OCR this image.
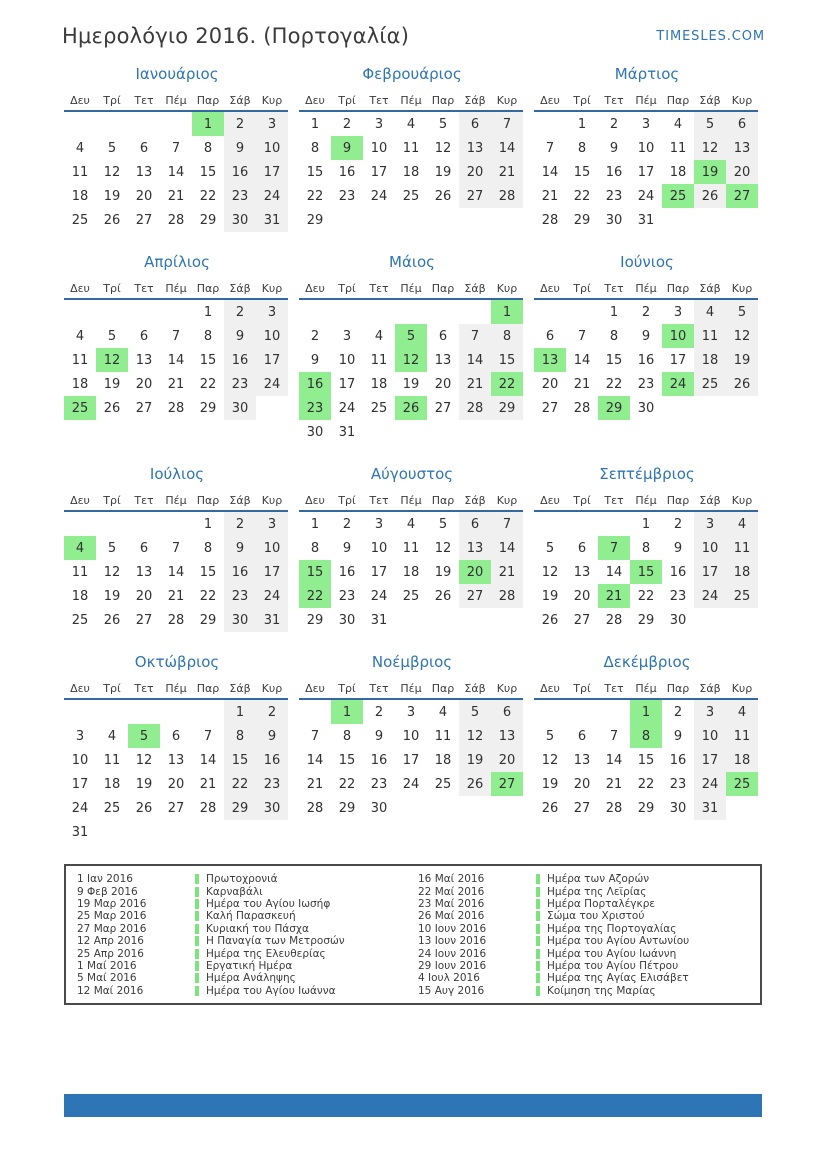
Ημερολόγιο 2016. (Πορτογαλία)	TIMESLES.COM
Ιανουάριος
Δευ	Τρί	Τετ	Πέμ	Παρ	Σάβ	Κυρ
				1	2	3
4	5	6	7	8	9	10
11	12	13	14	15	16	17
18	19	20	21	22	23	24
25	26	27	28	29	30	31
Φεβρουάριος
Δευ	Τρί	Τετ	Πέμ	Παρ	Σάβ	Κυρ
1	2	3	4	5	6	7
8	9	10	11	12	13	14
15	16	17	18	19	20	21
22	23	24	25	26	27	28
29						
Μάρτιος
Δευ	Τρί	Τετ	Πέμ	Παρ	Σάβ	Κυρ
	1	2	3	4	5	6
7	8	9	10	11	12	13
14	15	16	17	18	19	20
21	22	23	24	25	26	27
28	29	30	31			
Απρίλιος
Δευ	Τρί	Τετ	Πέμ	Παρ	Σάβ	Κυρ
				1	2	3
4	5	6	7	8	9	10
11	12	13	14	15	16	17
18	19	20	21	22	23	24
25	26	27	28	29	30	
Μάιος
Δευ	Τρί	Τετ	Πέμ	Παρ	Σάβ	Κυρ
						1
2	3	4	5	6	7	8
9	10	11	12	13	14	15
16	17	18	19	20	21	22
23	24	25	26	27	28	29
30	31					
Ιούνιος
Δευ	Τρί	Τετ	Πέμ	Παρ	Σάβ	Κυρ
		1	2	3	4	5
6	7	8	9	10	11	12
13	14	15	16	17	18	19
20	21	22	23	24	25	26
27	28	29	30			
Ιούλιος
Δευ	Τρί	Τετ	Πέμ	Παρ	Σάβ	Κυρ
				1	2	3
4	5	6	7	8	9	10
11	12	13	14	15	16	17
18	19	20	21	22	23	24
25	26	27	28	29	30	31
Αύγουστος
Δευ	Τρί	Τετ	Πέμ	Παρ	Σάβ	Κυρ
1	2	3	4	5	6	7
8	9	10	11	12	13	14
15	16	17	18	19	20	21
22	23	24	25	26	27	28
29	30	31				
Σεπτέμβριος
Δευ	Τρί	Τετ	Πέμ	Παρ	Σάβ	Κυρ
			1	2	3	4
5	6	7	8	9	10	11
12	13	14	15	16	17	18
19	20	21	22	23	24	25
26	27	28	29	30		
Οκτώβριος
Δευ	Τρί	Τετ	Πέμ	Παρ	Σάβ	Κυρ
					1	2
3	4	5	6	7	8	9
10	11	12	13	14	15	16
17	18	19	20	21	22	23
24	25	26	27	28	29	30
31						
Νοέμβριος
Δευ	Τρί	Τετ	Πέμ	Παρ	Σάβ	Κυρ
	1	2	3	4	5	6
7	8	9	10	11	12	13
14	15	16	17	18	19	20
21	22	23	24	25	26	27
28	29	30				
Δεκέμβριος
Δευ	Τρί	Τετ	Πέμ	Παρ	Σάβ	Κυρ
			1	2	3	4
5	6	7	8	9	10	11
12	13	14	15	16	17	18
19	20	21	22	23	24	25
26	27	28	29	30	31	
1 Ιαν 2016	Πρωτοχρονιά
9 Φεβ 2016	Καρναβάλι
19 Μαρ 2016	Ημέρα του Αγίου Ιωσήφ
25 Μαρ 2016	Καλή Παρασκευή
27 Μαρ 2016	Κυριακή του Πάσχα
12 Απρ 2016	Η Παναγία των Μετροσών
25 Απρ 2016	Ημέρα της Ελευθερίας
1 Μαί 2016	Εργατική Ημέρα
5 Μαί 2016	Ημέρα Ανάληψης
12 Μαί 2016	Ημέρα του Αγίου Ιωάννα
16 Μαί 2016	Ημέρα των Αζορών
22 Μαί 2016	Ημέρα της Λεϊρίας
23 Μαί 2016	Ημέρα Πορταλέγκρε
26 Μαί 2016	Σώμα του Χριστού
10 Ιουν 2016	Ημέρα της Πορτογαλίας
13 Ιουν 2016	Ημέρα του Αγίου Αντωνίου
24 Ιουν 2016	Ημέρα του Αγίου Ιωάννη
29 Ιουν 2016	Ημέρα του Αγίου Πέτρου
4 Ιουλ 2016	Ημέρα της Αγίας Ελισάβετ
15 Αυγ 2016	Κοίμηση της Μαρίας
